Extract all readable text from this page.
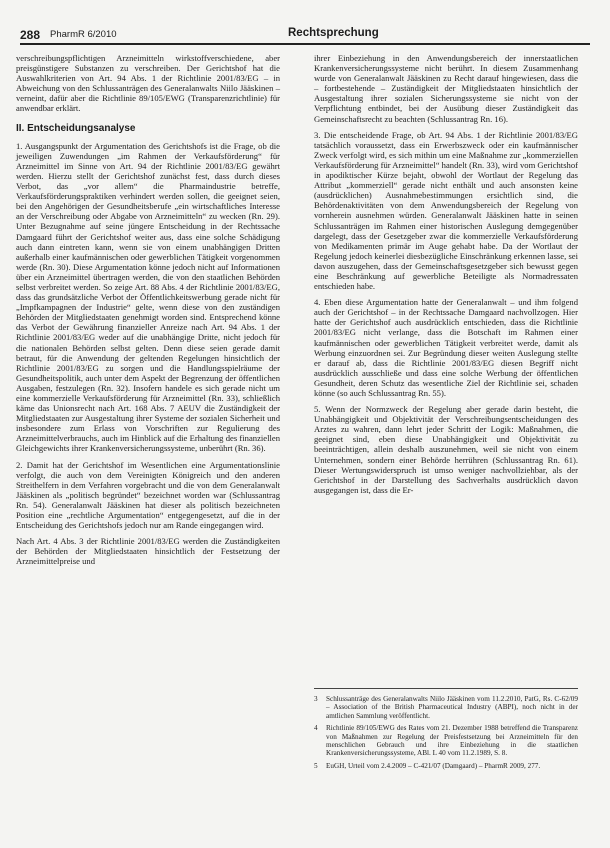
288 PharmR 6/2010	Rechtsprechung

verschreibungspflichtigen Arzneimitteln wirkstoffverschiedene, aber preisgünstigere Substanzen zu verschreiben. Der Gerichtshof hat die Auswahlkriterien von Art. 94 Abs. 1 der Richtlinie 2001/83/EG – in Abweichung von den Schlussanträgen des Generalanwalts Niilo Jääskinen – verneint, dafür aber die Richtlinie 89/105/EWG (Transparenzrichtlinie) für anwendbar erklärt.

II. Entscheidungsanalyse

1. Ausgangspunkt der Argumentation des Gerichtshofs ist die Frage, ob die jeweiligen Zuwendungen „im Rahmen der Verkaufsförderung“ für Arzneimittel im Sinne von Art. 94 der Richtlinie 2001/83/EG gewährt werden. Hierzu stellt der Gerichtshof zunächst fest, dass durch dieses Verbot, das „vor allem“ die Pharmaindustrie betreffe, Verkaufsförderungspraktiken verhindert werden sollen, die geeignet seien, bei den Angehörigen der Gesundheitsberufe „ein wirtschaftliches Interesse an der Verschreibung oder Abgabe von Arzneimitteln“ zu wecken (Rn. 29). Unter Bezugnahme auf seine jüngere Entscheidung in der Rechtssache Damgaard führt der Gerichtshof weiter aus, dass eine solche Schädigung auch dann eintreten kann, wenn sie von einem unabhängigen Dritten außerhalb einer kaufmännischen oder gewerblichen Tätigkeit vorgenommen werde (Rn. 30). Diese Argumentation könne jedoch nicht auf Informationen über ein Arzneimittel übertragen werden, die von den staatlichen Behörden selbst verbreitet werden. So zeige Art. 88 Abs. 4 der Richtlinie 2001/83/EG, dass das grundsätzliche Verbot der Öffentlichkeitswerbung gerade nicht für „Impfkampagnen der Industrie“ gelte, wenn diese von den zuständigen Behörden der Mitgliedstaaten genehmigt worden sind. Entsprechend könne das Verbot der Gewährung finanzieller Anreize nach Art. 94 Abs. 1 der Richtlinie 2001/83/EG weder auf die unabhängige Dritte, nicht jedoch für die nationalen Behörden selbst gelten. Denn diese seien gerade damit betraut, für die Anwendung der geltenden Regelungen hinsichtlich der Richtlinie 2001/83/EG zu sorgen und die Handlungsspielräume der Gesundheitspolitik, auch unter dem Aspekt der Begrenzung der öffentlichen Ausgaben, festzulegen (Rn. 32). Insofern handele es sich gerade nicht um eine kommerzielle Verkaufsförderung für Arzneimittel (Rn. 33), schließlich käme das Unionsrecht nach Art. 168 Abs. 7 AEUV die Zuständigkeit der Mitgliedstaaten zur Ausgestaltung ihrer Systeme der sozialen Sicherheit und insbesondere zum Erlass von Vorschriften zur Regulierung des Arzneimittelverbrauchs, auch im Hinblick auf die Erhaltung des finanziellen Gleichgewichts ihrer Krankenversicherungssysteme, unberührt (Rn. 36).

2. Damit hat der Gerichtshof im Wesentlichen eine Argumentationslinie verfolgt, die auch von dem Vereinigten Königreich und den anderen Streithelfern in dem Verfahren vorgebracht und die von dem Generalanwalt Jääskinen als „politisch begründet“ bezeichnet worden war (Schlussantrag Rn. 54). Generalanwalt Jääskinen hat dieser als politisch bezeichneten Position eine „rechtliche Argumentation“ entgegengesetzt, auf die in der Entscheidung des Gerichtshofs jedoch nur am Rande eingegangen wird.

Nach Art. 4 Abs. 3 der Richtlinie 2001/83/EG werden die Zuständigkeiten der Behörden der Mitgliedstaaten hinsichtlich der Festsetzung der Arzneimittelpreise und

ihrer Einbeziehung in den Anwendungsbereich der innerstaatlichen Krankenversicherungssysteme nicht berührt. In diesem Zusammenhang wurde von Generalanwalt Jääskinen zu Recht darauf hingewiesen, dass die – fortbestehende – Zuständigkeit der Mitgliedstaaten hinsichtlich der Ausgestaltung ihrer sozialen Sicherungssysteme sie nicht von der Verpflichtung entbindet, bei der Ausübung dieser Zuständigkeit das Gemeinschaftsrecht zu beachten (Schlussantrag Rn. 16).

3. Die entscheidende Frage, ob Art. 94 Abs. 1 der Richtlinie 2001/83/EG tatsächlich voraussetzt, dass ein Erwerbszweck oder ein kaufmännischer Zweck verfolgt wird, es sich mithin um eine Maßnahme zur „kommerziellen Verkaufsförderung für Arzneimittel“ handelt (Rn. 33), wird vom Gerichtshof in apodiktischer Kürze bejaht, obwohl der Wortlaut der Regelung das Attribut „kommerziell“ gerade nicht enthält und auch ansonsten keine (ausdrücklichen) Ausnahmebestimmungen ersichtlich sind, die Behördenaktivitäten von dem Anwendungsbereich der Regelung von vornherein ausnehmen würden. Generalanwalt Jääskinen hatte in seinen Schlussanträgen im Rahmen einer historischen Auslegung demgegenüber dargelegt, dass der Gesetzgeber zwar die kommerzielle Verkaufsförderung von Medikamenten primär im Auge gehabt habe. Da der Wortlaut der Regelung jedoch keinerlei diesbezügliche Einschränkung erkennen lasse, sei davon auszugehen, dass der Gemeinschaftsgesetzgeber sich bewusst gegen eine Beschränkung auf gewerbliche Beteiligte als Normadressaten entschieden habe.

4. Eben diese Argumentation hatte der Generalanwalt – und ihm folgend auch der Gerichtshof – in der Rechtssache Damgaard nachvollzogen. Hier hatte der Gerichtshof auch ausdrücklich entschieden, dass die Richtlinie 2001/83/EG nicht verlange, dass die Botschaft im Rahmen einer kaufmännischen oder gewerblichen Tätigkeit verbreitet werde, damit als Werbung einzuordnen sei. Zur Begründung dieser weiten Auslegung stellte er darauf ab, dass die Richtlinie 2001/83/EG diesen Begriff nicht ausdrücklich ausschließe und dass eine solche Werbung der öffentlichen Gesundheit, deren Schutz das wesentliche Ziel der Richtlinie sei, schaden könne (so auch Schlussantrag Rn. 55).

5. Wenn der Normzweck der Regelung aber gerade darin besteht, die Unabhängigkeit und Objektivität der Verschreibungsentscheidungen des Arztes zu wahren, dann lehrt jeder Schritt der Logik: Maßnahmen, die geeignet sind, eben diese Unabhängigkeit und Objektivität zu beeinträchtigen, allein deshalb auszunehmen, weil sie nicht von einem Unternehmen, sondern einer Behörde herrühren (Schlussantrag Rn. 61). Dieser Wertungswiderspruch ist umso weniger nachvollziehbar, als der Gerichtshof in der Darstellung des Sachverhalts ausdrücklich davon ausgegangen ist, dass die Er-

3	Schlussanträge des Generalanwalts Niilo Jääskinen vom 11.2.2010, PatG, Rs. C-62/09 – Association of the British Pharmaceutical Industry (ABPI), noch nicht in der amtlichen Sammlung veröffentlicht.
4	Richtlinie 89/105/EWG des Rates vom 21. Dezember 1988 betreffend die Transparenz von Maßnahmen zur Regelung der Preisfestsetzung bei Arzneimitteln für den menschlichen Gebrauch und ihre Einbeziehung in die staatlichen Krankenversicherungssysteme, ABl. L 40 vom 11.2.1989, S. 8.
5	EuGH, Urteil vom 2.4.2009 – C-421/07 (Damgaard) – PharmR 2009, 277.
